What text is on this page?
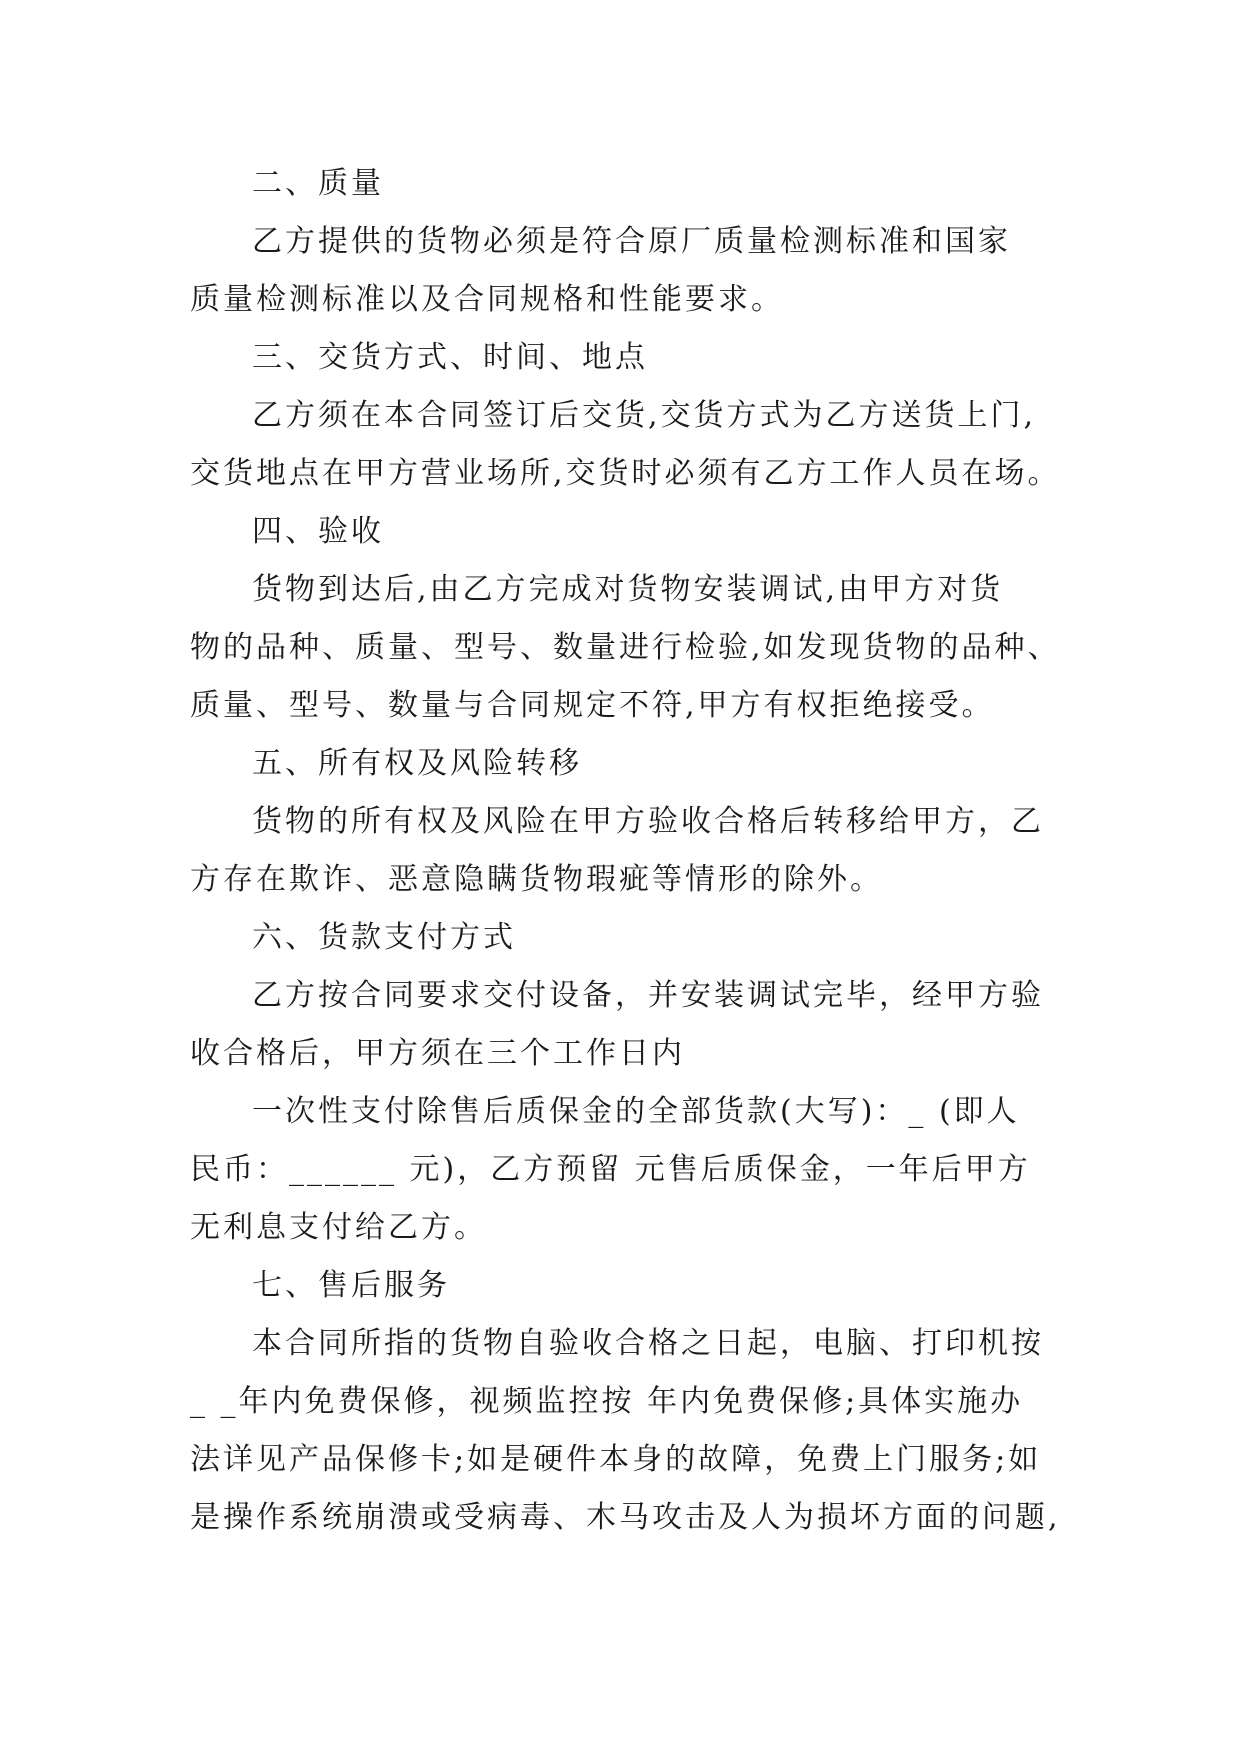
二、质量
乙方提供的货物必须是符合原厂质量检测标准和国家
质量检测标准以及合同规格和性能要求。
三、交货方式、时间、地点
乙方须在本合同签订后交货,交货方式为乙方送货上门,
交货地点在甲方营业场所,交货时必须有乙方工作人员在场。
四、验收
货物到达后,由乙方完成对货物安装调试,由甲方对货
物的品种、质量、型号、数量进行检验,如发现货物的品种、
质量、型号、数量与合同规定不符,甲方有权拒绝接受。
五、所有权及风险转移
货物的所有权及风险在甲方验收合格后转移给甲方，乙
方存在欺诈、恶意隐瞒货物瑕疵等情形的除外。
六、货款支付方式
乙方按合同要求交付设备，并安装调试完毕，经甲方验
收合格后，甲方须在三个工作日内
一次性支付除售后质保金的全部货款(大写)：_ (即人
民币：______ 元)，乙方预留 元售后质保金，一年后甲方
无利息支付给乙方。
七、售后服务
本合同所指的货物自验收合格之日起，电脑、打印机按
_ _年内免费保修，视频监控按 年内免费保修;具体实施办
法详见产品保修卡;如是硬件本身的故障，免费上门服务;如
是操作系统崩溃或受病毒、木马攻击及人为损坏方面的问题,
